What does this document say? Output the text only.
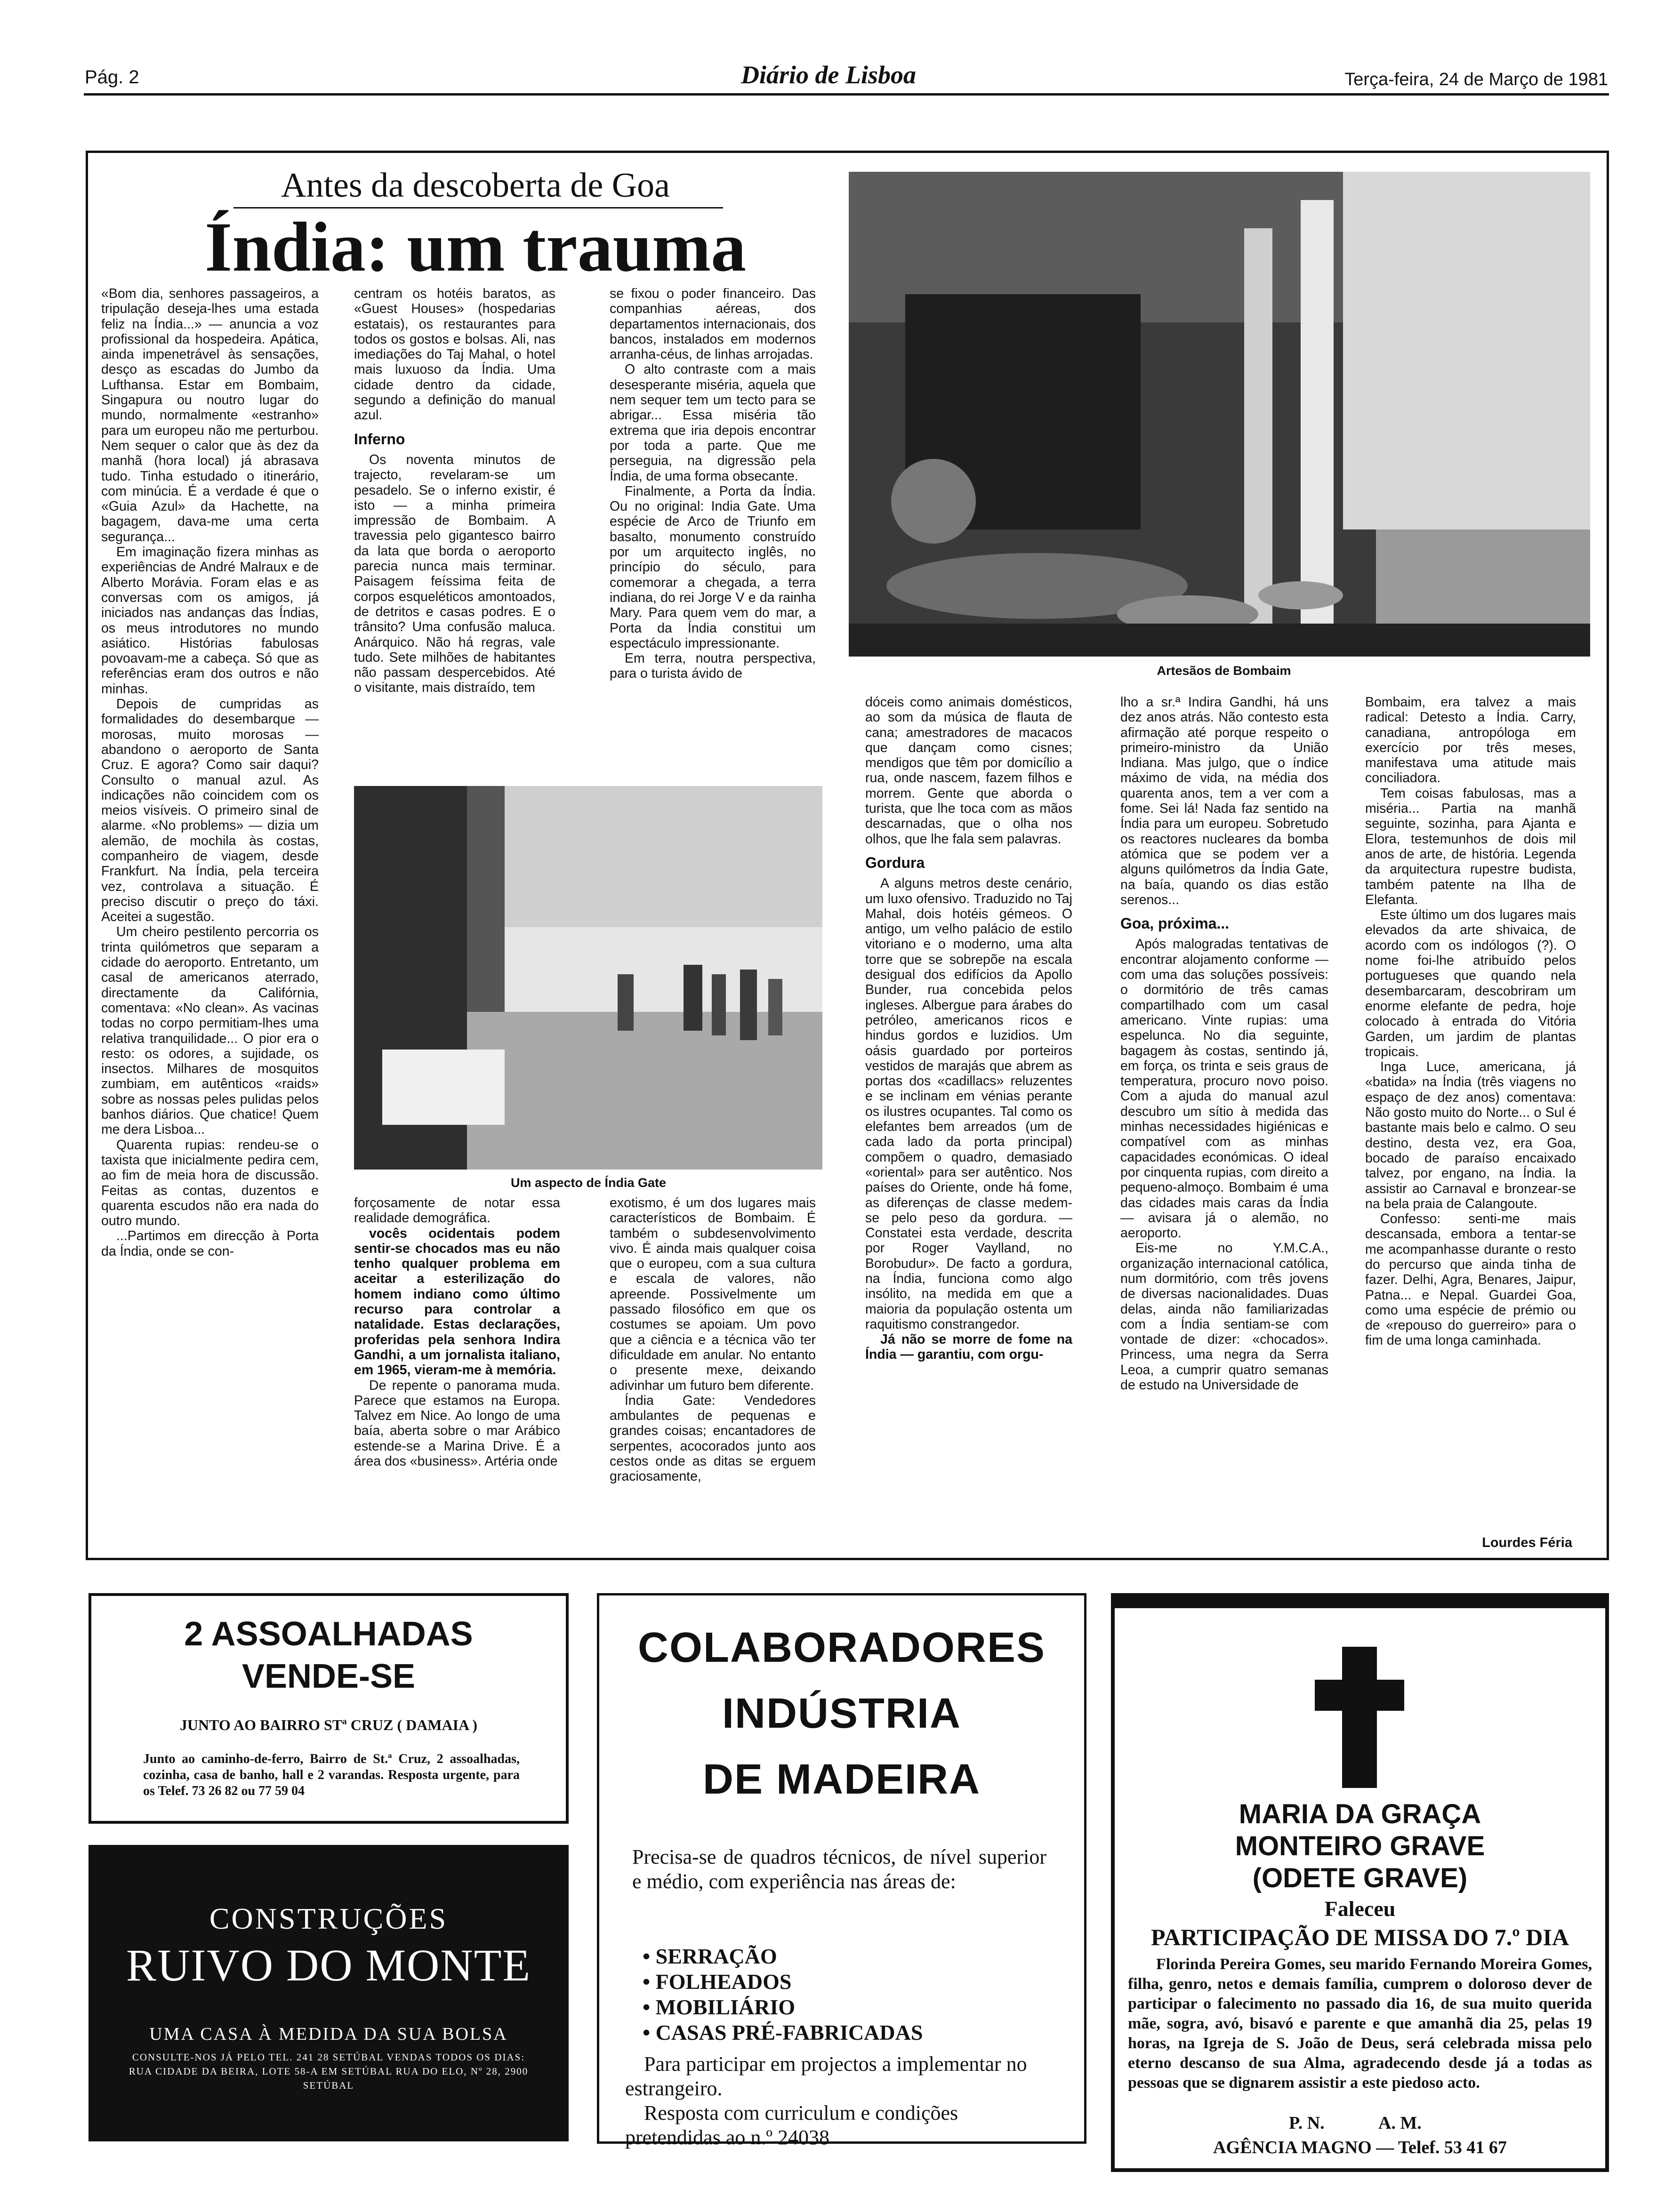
Pág. 2	Diário de Lisboa	Terça-feira, 24 de Março de 1981
Antes da descoberta de Goa
Índia: um trauma
Artesãos de Bombaim
Um aspecto de Índia Gate

«Bom dia, senhores passageiros, a tripulação deseja-lhes uma estada feliz na Índia...» — anuncia a voz profissional da hospedeira. Apática, ainda impenetrável às sensações, desço as escadas do Jumbo da Lufthansa. Estar em Bombaim, Singapura ou noutro lugar do mundo, normalmente «estranho» para um europeu não me perturbou. Nem sequer o calor que às dez da manhã (hora local) já abrasava tudo. Tinha estudado o itinerário, com minúcia. É a verdade é que o «Guia Azul» da Hachette, na bagagem, dava-me uma certa segurança...

Em imaginação fizera minhas as experiências de André Malraux e de Alberto Morávia. Foram elas e as conversas com os amigos, já iniciados nas andanças das Índias, os meus introdutores no mundo asiático. Histórias fabulosas povoavam-me a cabeça. Só que as referências eram dos outros e não minhas.

Depois de cumpridas as formalidades do desembarque — morosas, muito morosas — abandono o aeroporto de Santa Cruz. E agora? Como sair daqui? Consulto o manual azul. As indicações não coincidem com os meios visíveis. O primeiro sinal de alarme. «No problems» — dizia um alemão, de mochila às costas, companheiro de viagem, desde Frankfurt. Na Índia, pela terceira vez, controlava a situação. É preciso discutir o preço do táxi. Aceitei a sugestão.

Um cheiro pestilento percorria os trinta quilómetros que separam a cidade do aeroporto. Entretanto, um casal de americanos aterrado, directamente da Califórnia, comentava: «No clean». As vacinas todas no corpo permitiam-lhes uma relativa tranquilidade... O pior era o resto: os odores, a sujidade, os insectos. Milhares de mosquitos zumbiam, em autênticos «raids» sobre as nossas peles pulidas pelos banhos diários. Que chatice! Quem me dera Lisboa...

Quarenta rupias: rendeu-se o taxista que inicialmente pedira cem, ao fim de meia hora de discussão. Feitas as contas, duzentos e quarenta escudos não era nada do outro mundo.

...Partimos em direcção à Porta da Índia, onde se con-

centram os hotéis baratos, as «Guest Houses» (hospedarias estatais), os restaurantes para todos os gostos e bolsas. Ali, nas imediações do Taj Mahal, o hotel mais luxuoso da Índia. Uma cidade dentro da cidade, segundo a definição do manual azul.

Inferno

Os noventa minutos de trajecto, revelaram-se um pesadelo. Se o inferno existir, é isto — a minha primeira impressão de Bombaim. A travessia pelo gigantesco bairro da lata que borda o aeroporto parecia nunca mais terminar. Paisagem feíssima feita de corpos esqueléticos amontoados, de detritos e casas podres. E o trânsito? Uma confusão maluca. Anárquico. Não há regras, vale tudo. Sete milhões de habitantes não passam despercebidos. Até o visitante, mais distraído, tem

se fixou o poder financeiro. Das companhias aéreas, dos departamentos internacionais, dos bancos, instalados em modernos arranha-céus, de linhas arrojadas.

O alto contraste com a mais desesperante miséria, aquela que nem sequer tem um tecto para se abrigar... Essa miséria tão extrema que iria depois encontrar por toda a parte. Que me perseguia, na digressão pela Índia, de uma forma obsecante.

Finalmente, a Porta da Índia. Ou no original: India Gate. Uma espécie de Arco de Triunfo em basalto, monumento construído por um arquitecto inglês, no princípio do século, para comemorar a chegada, a terra indiana, do rei Jorge V e da rainha Mary. Para quem vem do mar, a Porta da Índia constitui um espectáculo impressionante.

Em terra, noutra perspectiva, para o turista ávido de

forçosamente de notar essa realidade demográfica.

vocês ocidentais podem sentir-se chocados mas eu não tenho qualquer problema em aceitar a esterilização do homem indiano como último recurso para controlar a natalidade. Estas declarações, proferidas pela senhora Indira Gandhi, a um jornalista italiano, em 1965, vieram-me à memória.

De repente o panorama muda. Parece que estamos na Europa. Talvez em Nice. Ao longo de uma baía, aberta sobre o mar Arábico estende-se a Marina Drive. É a área dos «business». Artéria onde

exotismo, é um dos lugares mais característicos de Bombaim. É também o subdesenvolvimento vivo. É ainda mais qualquer coisa que o europeu, com a sua cultura e escala de valores, não apreende. Possivelmente um passado filosófico em que os costumes se apoiam. Um povo que a ciência e a técnica vão ter dificuldade em anular. No entanto o presente mexe, deixando adivinhar um futuro bem diferente.

Índia Gate: Vendedores ambulantes de pequenas e grandes coisas; encantadores de serpentes, acocorados junto aos cestos onde as ditas se erguem graciosamente,

dóceis como animais domésticos, ao som da música de flauta de cana; amestradores de macacos que dançam como cisnes; mendigos que têm por domicílio a rua, onde nascem, fazem filhos e morrem. Gente que aborda o turista, que lhe toca com as mãos descarnadas, que o olha nos olhos, que lhe fala sem palavras.

Gordura

A alguns metros deste cenário, um luxo ofensivo. Traduzido no Taj Mahal, dois hotéis gémeos. O antigo, um velho palácio de estilo vitoriano e o moderno, uma alta torre que se sobrepõe na escala desigual dos edifícios da Apollo Bunder, rua concebida pelos ingleses. Albergue para árabes do petróleo, americanos ricos e hindus gordos e luzidios. Um oásis guardado por porteiros vestidos de marajás que abrem as portas dos «cadillacs» reluzentes e se inclinam em vénias perante os ilustres ocupantes. Tal como os elefantes bem arreados (um de cada lado da porta principal) compõem o quadro, demasiado «oriental» para ser autêntico. Nos países do Oriente, onde há fome, as diferenças de classe medem-se pelo peso da gordura. — Constatei esta verdade, descrita por Roger Vaylland, no Borobudur». De facto a gordura, na Índia, funciona como algo insólito, na medida em que a maioria da população ostenta um raquitismo constrangedor.

Já não se morre de fome na Índia — garantiu, com orgu-

lho a sr.ª Indira Gandhi, há uns dez anos atrás. Não contesto esta afirmação até porque respeito o primeiro-ministro da União Indiana. Mas julgo, que o índice máximo de vida, na média dos quarenta anos, tem a ver com a fome. Sei lá! Nada faz sentido na Índia para um europeu. Sobretudo os reactores nucleares da bomba atómica que se podem ver a alguns quilómetros da Índia Gate, na baía, quando os dias estão serenos...

Goa, próxima...

Após malogradas tentativas de encontrar alojamento conforme — com uma das soluções possíveis: o dormitório de três camas compartilhado com um casal americano. Vinte rupias: uma espelunca. No dia seguinte, bagagem às costas, sentindo já, em força, os trinta e seis graus de temperatura, procuro novo poiso. Com a ajuda do manual azul descubro um sítio à medida das minhas necessidades higiénicas e compatível com as minhas capacidades económicas. O ideal por cinquenta rupias, com direito a pequeno-almoço. Bombaim é uma das cidades mais caras da Índia — avisara já o alemão, no aeroporto.

Eis-me no Y.M.C.A., organização internacional católica, num dormitório, com três jovens de diversas nacionalidades. Duas delas, ainda não familiarizadas com a Índia sentiam-se com vontade de dizer: «chocados». Princess, uma negra da Serra Leoa, a cumprir quatro semanas de estudo na Universidade de

Bombaim, era talvez a mais radical: Detesto a Índia. Carry, canadiana, antropóloga em exercício por três meses, manifestava uma atitude mais conciliadora.

Tem coisas fabulosas, mas a miséria... Partia na manhã seguinte, sozinha, para Ajanta e Elora, testemunhos de dois mil anos de arte, de história. Legenda da arquitectura rupestre budista, também patente na Ilha de Elefanta.

Este último um dos lugares mais elevados da arte shivaica, de acordo com os indólogos (?). O nome foi-lhe atribuído pelos portugueses que quando nela desembarcaram, descobriram um enorme elefante de pedra, hoje colocado à entrada do Vitória Garden, um jardim de plantas tropicais.

Inga Luce, americana, já «batida» na Índia (três viagens no espaço de dez anos) comentava: Não gosto muito do Norte... o Sul é bastante mais belo e calmo. O seu destino, desta vez, era Goa, bocado de paraíso encaixado talvez, por engano, na Índia. Ia assistir ao Carnaval e bronzear-se na bela praia de Calangoute.

Confesso: senti-me mais descansada, embora a tentar-se me acompanhasse durante o resto do percurso que ainda tinha de fazer. Delhi, Agra, Benares, Jaipur, Patna... e Nepal. Guardei Goa, como uma espécie de prémio ou de «repouso do guerreiro» para o fim de uma longa caminhada.

Lourdes Féria
2 ASSOALHADAS
VENDE-SE
JUNTO AO BAIRRO STª CRUZ ( DAMAIA )
Junto ao caminho-de-ferro, Bairro de St.ª Cruz, 2 assoalhadas, cozinha, casa de banho, hall e 2 varandas. Resposta urgente, para os Telef. 73 26 82 ou 77 59 04
CONSTRUÇÕES
RUIVO DO MONTE
UMA CASA À MEDIDA DA SUA BOLSA
CONSULTE-NOS JÁ PELO TEL. 241 28 SETÚBAL VENDAS TODOS OS DIAS: RUA CIDADE DA BEIRA, LOTE 58-A EM SETÚBAL RUA DO ELO, Nº 28, 2900 SETÚBAL
COLABORADORES
INDÚSTRIA
DE MADEIRA
Precisa-se de quadros técnicos, de nível superior e médio, com experiência nas áreas de:
• SERRAÇÃO
• FOLHEADOS
• MOBILIÁRIO
• CASAS PRÉ-FABRICADAS
Para participar em projectos a implementar no estrangeiro.
Resposta com curriculum e condições pretendidas ao n.º 24038
MARIA DA GRAÇA
MONTEIRO GRAVE
(ODETE GRAVE)
Faleceu
PARTICIPAÇÃO DE MISSA DO 7.º DIA
Florinda Pereira Gomes, seu marido Fernando Moreira Gomes, filha, genro, netos e demais família, cumprem o doloroso dever de participar o falecimento no passado dia 16, de sua muito querida mãe, sogra, avó, bisavó e parente e que amanhã dia 25, pelas 19 horas, na Igreja de S. João de Deus, será celebrada missa pelo eterno descanso de sua Alma, agradecendo desde já a todas as pessoas que se dignarem assistir a este piedoso acto.
P. N.	A. M.
AGÊNCIA MAGNO — Telef. 53 41 67
